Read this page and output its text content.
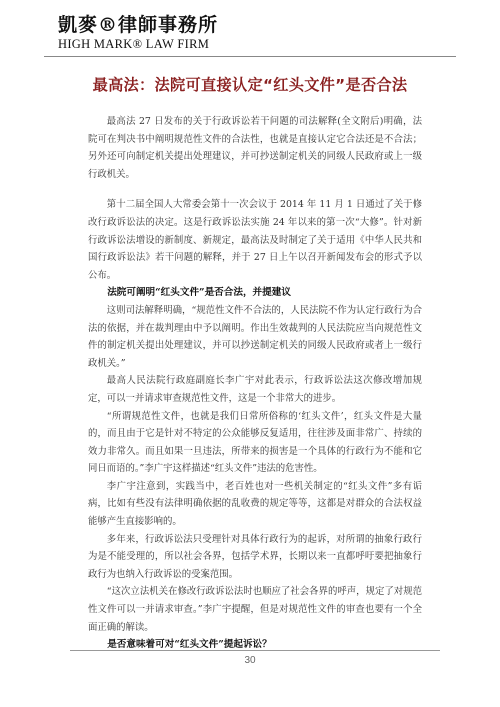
凱麥®律師事務所
HIGH MARK® LAW FIRM
最高法：法院可直接认定“红头文件”是否合法

最高法 27 日发布的关于行政诉讼若干问题的司法解释(全文附后)明确，法院可在判决书中阐明规范性文件的合法性，也就是直接认定它合法还是不合法；另外还可向制定机关提出处理建议，并可抄送制定机关的同级人民政府或上一级行政机关。

第十二届全国人大常委会第十一次会议于 2014 年 11 月 1 日通过了关于修改行政诉讼法的决定。这是行政诉讼法实施 24 年以来的第一次“大修”。针对新行政诉讼法增设的新制度、新规定，最高法及时制定了关于适用《中华人民共和国行政诉讼法》若干问题的解释，并于 27 日上午以召开新闻发布会的形式予以公布。

法院可阐明“红头文件”是否合法，并提建议

这则司法解释明确，“规范性文件不合法的，人民法院不作为认定行政行为合法的依据，并在裁判理由中予以阐明。作出生效裁判的人民法院应当向规范性文件的制定机关提出处理建议，并可以抄送制定机关的同级人民政府或者上一级行政机关。”

最高人民法院行政庭副庭长李广宇对此表示，行政诉讼法这次修改增加规定，可以一并请求审查规范性文件，这是一个非常大的进步。

“所谓规范性文件，也就是我们日常所俗称的‘红头文件’，红头文件是大量的，而且由于它是针对不特定的公众能够反复适用，往往涉及面非常广、持续的效力非常久。而且如果一旦违法，所带来的损害是一个具体的行政行为不能和它同日而语的。”李广宇这样描述“红头文件”违法的危害性。

李广宇注意到，实践当中，老百姓也对一些机关制定的“红头文件”多有诟病，比如有些没有法律明确依据的乱收费的规定等等，这都是对群众的合法权益能够产生直接影响的。

多年来，行政诉讼法只受理针对具体行政行为的起诉，对所谓的抽象行政行为是不能受理的，所以社会各界，包括学术界，长期以来一直都呼吁要把抽象行政行为也纳入行政诉讼的受案范围。

“这次立法机关在修改行政诉讼法时也顺应了社会各界的呼声，规定了对规范性文件可以一并请求审查。”李广宇提醒，但是对规范性文件的审查也要有一个全面正确的解读。

是否意味着可对“红头文件”提起诉讼？

30
